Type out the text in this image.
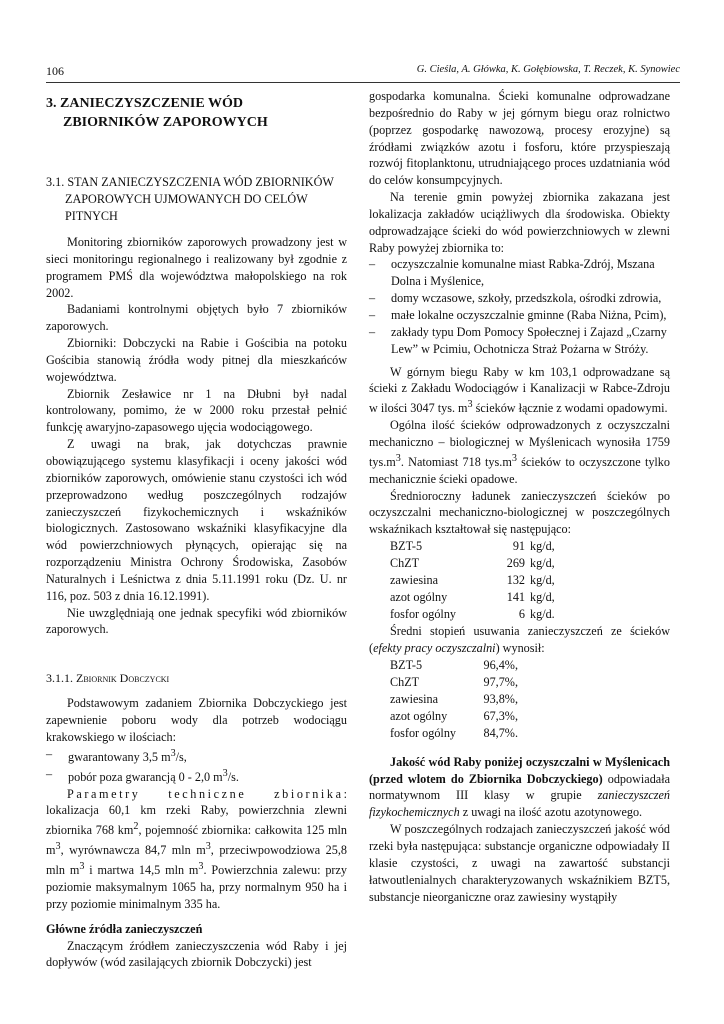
106	G. Cieśla, A. Główka, K. Gołębiowska, T. Reczek, K. Synowiec
3. ZANIECZYSZCZENIE WÓD
ZBIORNIKÓW ZAPOROWYCH
3.1. STAN ZANIECZYSZCZENIA WÓD ZBIORNIKÓW
ZAPOROWYCH UJMOWANYCH DO CELÓW
PITNYCH

Monitoring zbiorników zaporowych prowadzony jest w sieci monitoringu regionalnego i realizowany był zgodnie z programem PMŚ dla województwa małopolskiego na rok 2002.

Badaniami kontrolnymi objętych było 7 zbiorników zaporowych.

Zbiorniki: Dobczycki na Rabie i Gościbia na potoku Gościbia stanowią źródła wody pitnej dla mieszkańców województwa.

Zbiornik Zesławice nr 1 na Dłubni był nadal kontrolowany, pomimo, że w 2000 roku przestał pełnić funkcję awaryjno-zapasowego ujęcia wodociągowego.

Z uwagi na brak, jak dotychczas prawnie obowiązującego systemu klasyfikacji i oceny jakości wód zbiorników zaporowych, omówienie stanu czystości ich wód przeprowadzono według poszczególnych rodzajów zanieczyszczeń fizykochemicznych i wskaźników biologicznych. Zastosowano wskaźniki klasyfikacyjne dla wód powierzchniowych płynących, opierając się na rozporządzeniu Ministra Ochrony Środowiska, Zasobów Naturalnych i Leśnictwa z dnia 5.11.1991 roku (Dz. U. nr 116, poz. 503 z dnia 16.12.1991).

Nie uwzględniają one jednak specyfiki wód zbiorników zaporowych.

3.1.1. Zbiornik Dobczycki

Podstawowym zadaniem Zbiornika Dobczyckiego jest zapewnienie poboru wody dla potrzeb wodociągu krakowskiego w ilościach:

– gwarantowany 3,5 $m^3/s$,
– pobór poza gwarancją 0 - 2,0 $m^3/s$.

Parametry techniczne zbiornika: lokalizacja 60,1 km rzeki Raby, powierzchnia zlewni zbiornika 768 $km^2$, pojemność zbiornika: całkowita 125 mln $m^3$, wyrównawcza 84,7 mln $m^3$, przeciwpowodziowa 25,8 mln $m^3$ i martwa 14,5 mln $m^3$. Powierzchnia zalewu: przy poziomie maksymalnym 1065 ha, przy normalnym 950 ha i przy poziomie minimalnym 335 ha.

Główne źródła zanieczyszczeń

Znaczącym źródłem zanieczyszczenia wód Raby i jej dopływów (wód zasilających zbiornik Dobczycki) jest

gospodarka komunalna. Ścieki komunalne odprowadzane bezpośrednio do Raby w jej górnym biegu oraz rolnictwo (poprzez gospodarkę nawozową, procesy erozyjne) są źródłami związków azotu i fosforu, które przyspieszają rozwój fitoplanktonu, utrudniającego proces uzdatniania wód do celów konsumpcyjnych.

Na terenie gmin powyżej zbiornika zakazana jest lokalizacja zakładów uciążliwych dla środowiska. Obiekty odprowadzające ścieki do wód powierzchniowych w zlewni Raby powyżej zbiornika to:

– oczyszczalnie komunalne miast Rabka-Zdrój, Mszana Dolna i Myślenice,
– domy wczasowe, szkoły, przedszkola, ośrodki zdrowia,
– małe lokalne oczyszczalnie gminne (Raba Niżna, Pcim),
– zakłady typu Dom Pomocy Społecznej i Zajazd „Czarny Lew” w Pcimiu, Ochotnicza Straż Pożarna w Stróży.

W górnym biegu Raby w km 103,1 odprowadzane są ścieki z Zakładu Wodociągów i Kanalizacji w Rabce-Zdroju w ilości 3047 tys. $m^3$ ścieków łącznie z wodami opadowymi.

Ogólna ilość ścieków odprowadzonych z oczyszczalni mechaniczno – biologicznej w Myślenicach wynosiła 1759 $tys.m^3$. Natomiast 718 $tys.m^3$ ścieków to oczyszczone tylko mechanicznie ścieki opadowe.

Średnioroczny ładunek zanieczyszczeń ścieków po oczyszczalni mechaniczno-biologicznej w poszczególnych wskaźnikach kształtował się następująco:

BZT-5	91	kg/d,
ChZT	269	kg/d,
zawiesina	132	kg/d,
azot ogólny	141	kg/d,
fosfor ogólny	6	kg/d.

Średni stopień usuwania zanieczyszczeń ze ścieków (efekty pracy oczyszczalni) wynosił:

BZT-5	96,4%,
ChZT	97,7%,
zawiesina	93,8%,
azot ogólny	67,3%,
fosfor ogólny	84,7%.

Jakość wód Raby poniżej oczyszczalni w Myślenicach (przed wlotem do Zbiornika Dobczyckiego) odpowiadała normatywnom III klasy w grupie zanieczyszczeń fizykochemicznych z uwagi na ilość azotu azotynowego.

W poszczególnych rodzajach zanieczyszczeń jakość wód rzeki była następująca: substancje organiczne odpowiadały II klasie czystości, z uwagi na zawartość substancji łatwoutlenialnych charakteryzowanych wskaźnikiem BZT5, substancje nieorganiczne oraz zawiesiny wystąpiły
